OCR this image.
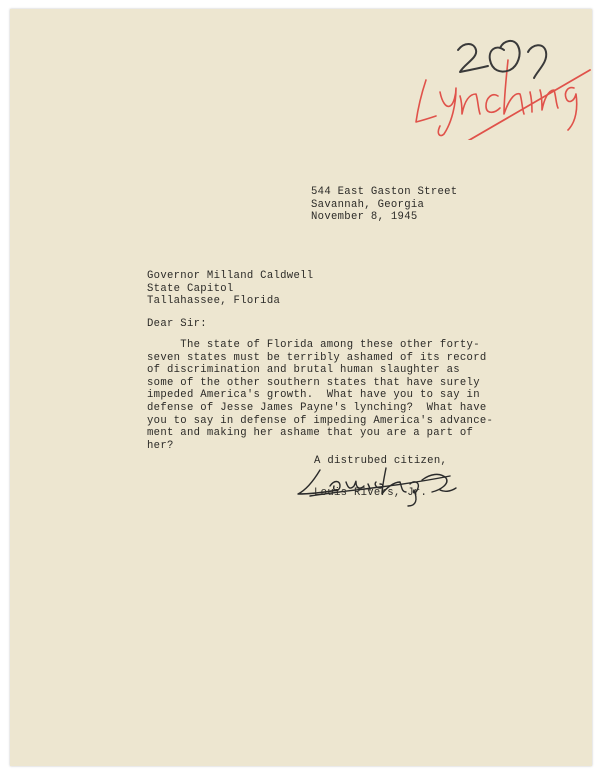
544 East Gaston Street
Savannah, Georgia
November 8, 1945
Governor Milland Caldwell
State Capitol
Tallahassee, Florida
Dear Sir:
The state of Florida among these other forty-
seven states must be terribly ashamed of its record
of discrimination and brutal human slaughter as
some of the other southern states that have surely
impeded America's growth.  What have you to say in
defense of Jesse James Payne's lynching?  What have
you to say in defense of impeding America's advance-
ment and making her ashame that you are a part of
her?
A distrubed citizen,
Louis Rivers, Jr.
